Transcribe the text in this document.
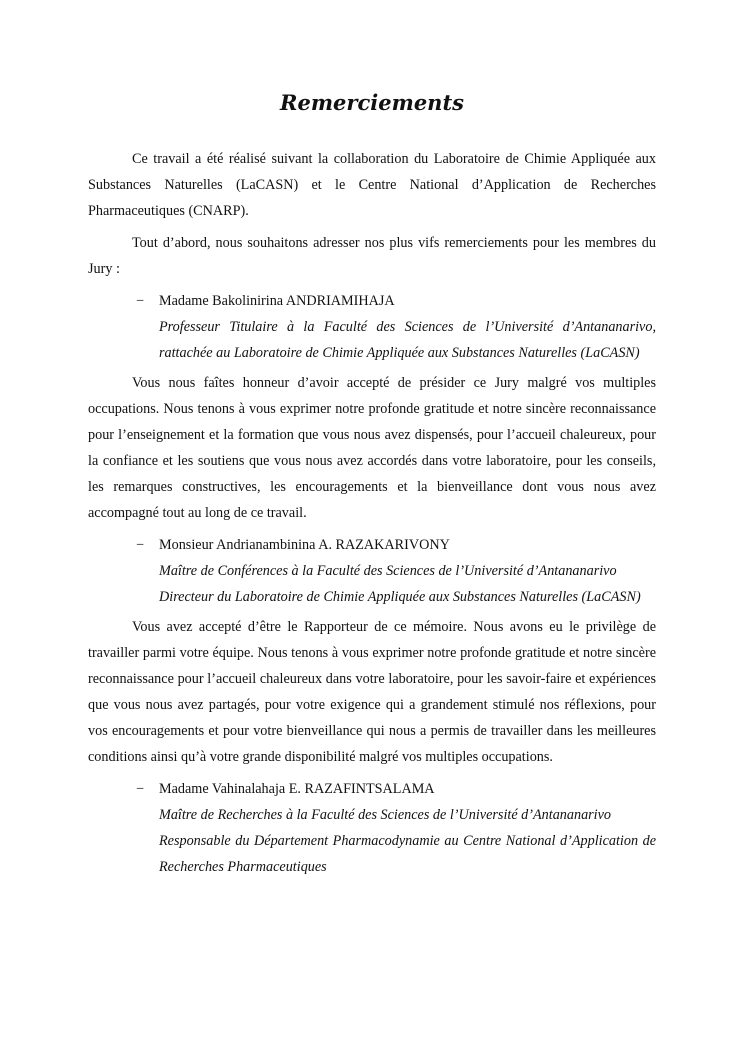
Remerciements

Ce travail a été réalisé suivant la collaboration du Laboratoire de Chimie Appliquée aux Substances Naturelles (LaCASN) et le Centre National d’Application de Recherches Pharmaceutiques (CNARP).

Tout d’abord, nous souhaitons adresser nos plus vifs remerciements pour les membres du Jury :

− Madame Bakolinirina ANDRIAMIHAJA
Professeur Titulaire à la Faculté des Sciences de l’Université d’Antananarivo, rattachée au Laboratoire de Chimie Appliquée aux Substances Naturelles (LaCASN)

Vous nous faîtes honneur d’avoir accepté de présider ce Jury malgré vos multiples occupations. Nous tenons à vous exprimer notre profonde gratitude et notre sincère reconnaissance pour l’enseignement et la formation que vous nous avez dispensés, pour l’accueil chaleureux, pour la confiance et les soutiens que vous nous avez accordés dans votre laboratoire, pour les conseils, les remarques constructives, les encouragements et la bienveillance dont vous nous avez accompagné tout au long de ce travail.

− Monsieur Andrianambinina A. RAZAKARIVONY
Maître de Conférences à la Faculté des Sciences de l’Université d’Antananarivo
Directeur du Laboratoire de Chimie Appliquée aux Substances Naturelles (LaCASN)

Vous avez accepté d’être le Rapporteur de ce mémoire. Nous avons eu le privilège de travailler parmi votre équipe. Nous tenons à vous exprimer notre profonde gratitude et notre sincère reconnaissance pour l’accueil chaleureux dans votre laboratoire, pour les savoir-faire et expériences que vous nous avez partagés, pour votre exigence qui a grandement stimulé nos réflexions, pour vos encouragements et pour votre bienveillance qui nous a permis de travailler dans les meilleures conditions ainsi qu’à votre grande disponibilité malgré vos multiples occupations.

− Madame Vahinalahaja E. RAZAFINTSALAMA
Maître de Recherches à la Faculté des Sciences de l’Université d’Antananarivo
Responsable du Département Pharmacodynamie au Centre National d’Application de Recherches Pharmaceutiques
